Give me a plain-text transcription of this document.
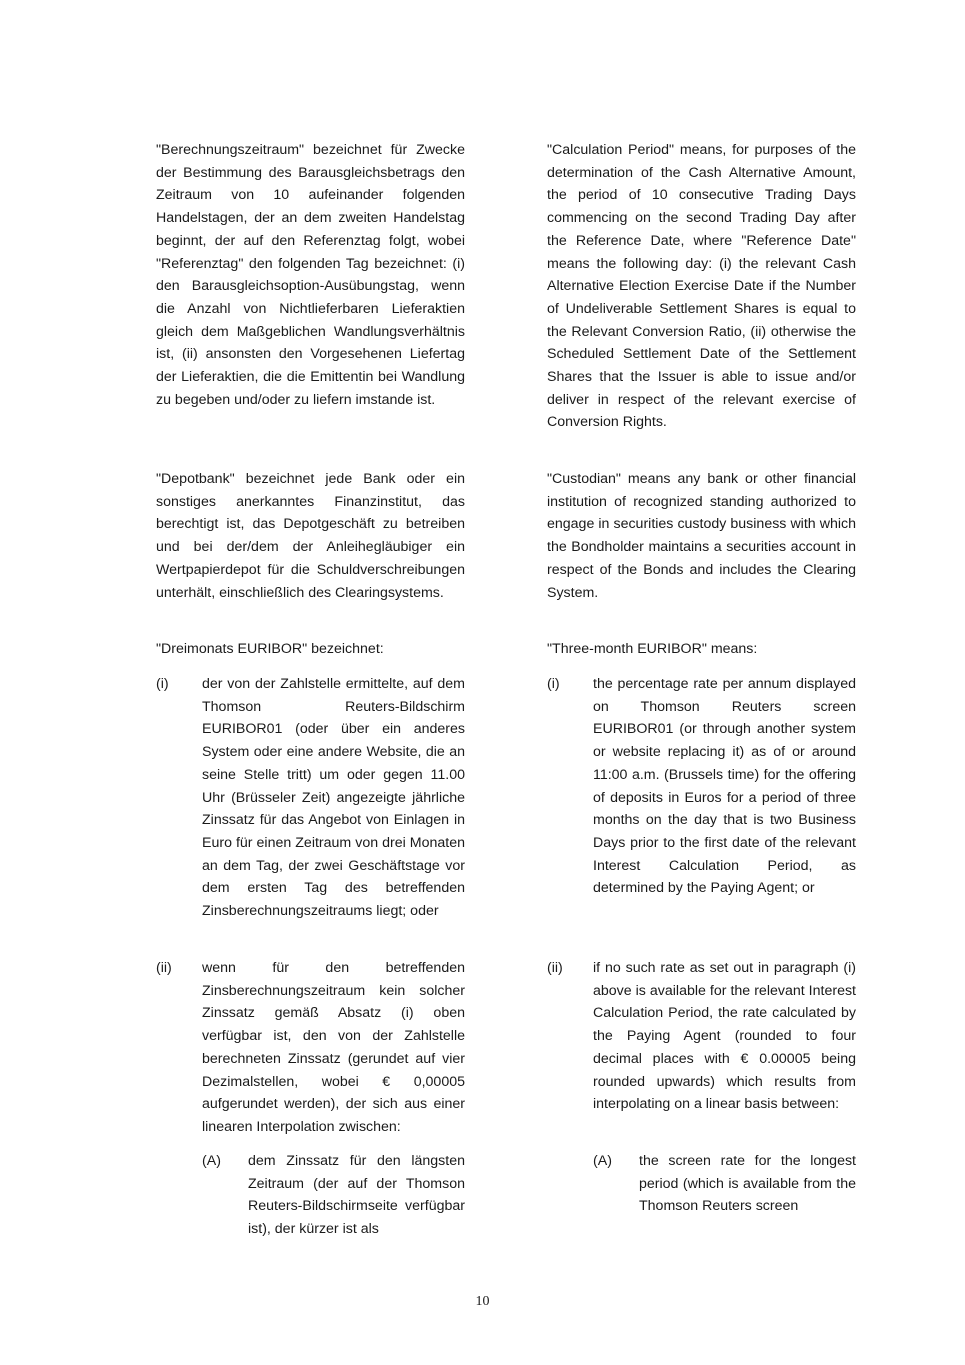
"Berechnungszeitraum" bezeichnet für Zwecke der Bestimmung des Barausgleichsbetrags den Zeitraum von 10 aufeinander folgenden Handelstagen, der an dem zweiten Handelstag beginnt, der auf den Referenztag folgt, wobei "Referenztag" den folgenden Tag bezeichnet: (i) den Barausgleichsoption-Ausübungstag, wenn die Anzahl von Nichtlieferbaren Lieferaktien gleich dem Maßgeblichen Wandlungsverhältnis ist, (ii) ansonsten den Vorgesehenen Liefertag der Lieferaktien, die die Emittentin bei Wandlung zu begeben und/oder zu liefern imstande ist.

"Depotbank" bezeichnet jede Bank oder ein sonstiges anerkanntes Finanzinstitut, das berechtigt ist, das Depotgeschäft zu betreiben und bei der/dem der Anleihegläubiger ein Wertpapierdepot für die Schuldverschreibungen unterhält, einschließlich des Clearingsystems.

"Dreimonats EURIBOR" bezeichnet:

(i) der von der Zahlstelle ermittelte, auf dem Thomson Reuters-Bildschirm EURIBOR01 (oder über ein anderes System oder eine andere Website, die an seine Stelle tritt) um oder gegen 11.00 Uhr (Brüsseler Zeit) angezeigte jährliche Zinssatz für das Angebot von Einlagen in Euro für einen Zeitraum von drei Monaten an dem Tag, der zwei Geschäftstage vor dem ersten Tag des betreffenden Zinsberechnungszeitraums liegt; oder
(ii) wenn für den betreffenden Zinsberechnungszeitraum kein solcher Zinssatz gemäß Absatz (i) oben verfügbar ist, den von der Zahlstelle berechneten Zinssatz (gerundet auf vier Dezimalstellen, wobei € 0,00005 aufgerundet werden), der sich aus einer linearen Interpolation zwischen:
(A) dem Zinssatz für den längsten Zeitraum (der auf der Thomson Reuters-Bildschirmseite verfügbar ist), der kürzer ist als

"Calculation Period" means, for purposes of the determination of the Cash Alternative Amount, the period of 10 consecutive Trading Days commencing on the second Trading Day after the Reference Date, where "Reference Date" means the following day: (i) the relevant Cash Alternative Election Exercise Date if the Number of Undeliverable Settlement Shares is equal to the Relevant Conversion Ratio, (ii) otherwise the Scheduled Settlement Date of the Settlement Shares that the Issuer is able to issue and/or deliver in respect of the relevant exercise of Conversion Rights.

"Custodian" means any bank or other financial institution of recognized standing authorized to engage in securities custody business with which the Bondholder maintains a securities account in respect of the Bonds and includes the Clearing System.

"Three-month EURIBOR" means:

(i) the percentage rate per annum displayed on Thomson Reuters screen EURIBOR01 (or through another system or website replacing it) as of or around 11:00 a.m. (Brussels time) for the offering of deposits in Euros for a period of three months on the day that is two Business Days prior to the first date of the relevant Interest Calculation Period, as determined by the Paying Agent; or
(ii) if no such rate as set out in paragraph (i) above is available for the relevant Interest Calculation Period, the rate calculated by the Paying Agent (rounded to four decimal places with € 0.00005 being rounded upwards) which results from interpolating on a linear basis between:
(A) the screen rate for the longest period (which is available from the Thomson Reuters screen
10
